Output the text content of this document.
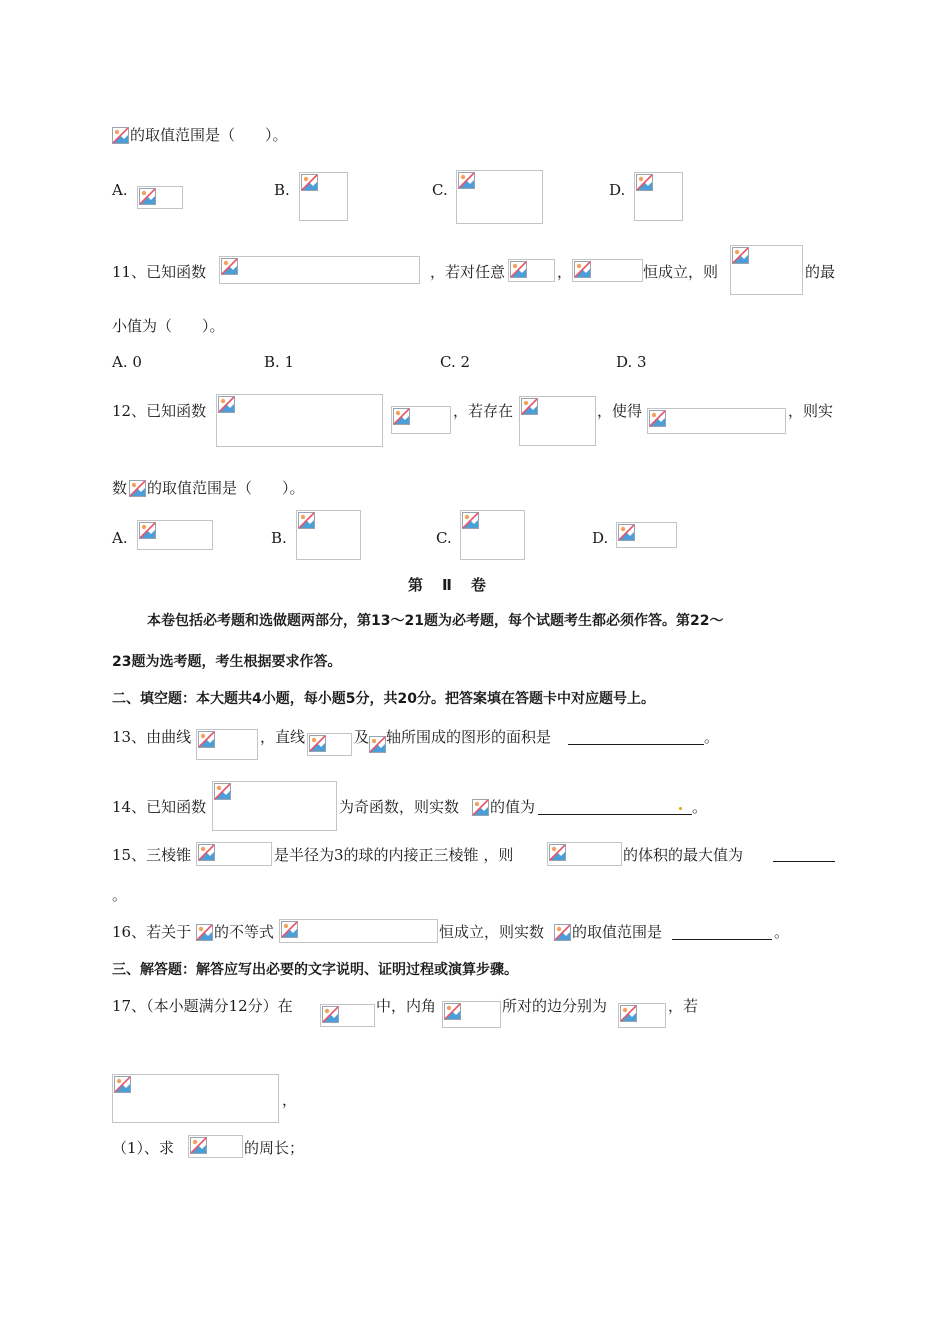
的取值范围是（　　）。
A.	B.	C.	D.
11、已知函数	，若对任意	，	恒成立，则	的最
小值为（　　）。
A. 0	B. 1	C. 2	D. 3
12、已知函数	，若存在	，使得	，则实
数 的取值范围是（　　）。
A.	B.	C.	D.
第　Ⅱ　卷
本卷包括必考题和选做题两部分，第13～21题为必考题，每个试题考生都必须作答。第22～
23题为选考题，考生根据要求作答。
二、填空题：本大题共4小题，每小题5分，共20分。把答案填在答题卡中对应题号上。
13、由曲线	，直线	及 轴所围成的图形的面积是	。
14、已知函数	为奇函数，则实数 的值为	。
15、三棱锥	是半径为3的球的内接正三棱锥 ，则	的体积的最大值为
。
16、若关于 的不等式	恒成立，则实数 的取值范围是	。
三、解答题：解答应写出必要的文字说明、证明过程或演算步骤。
17、（本小题满分12分）在	中，内角	所对的边分别为	，若
，
（1）、求	的周长；
